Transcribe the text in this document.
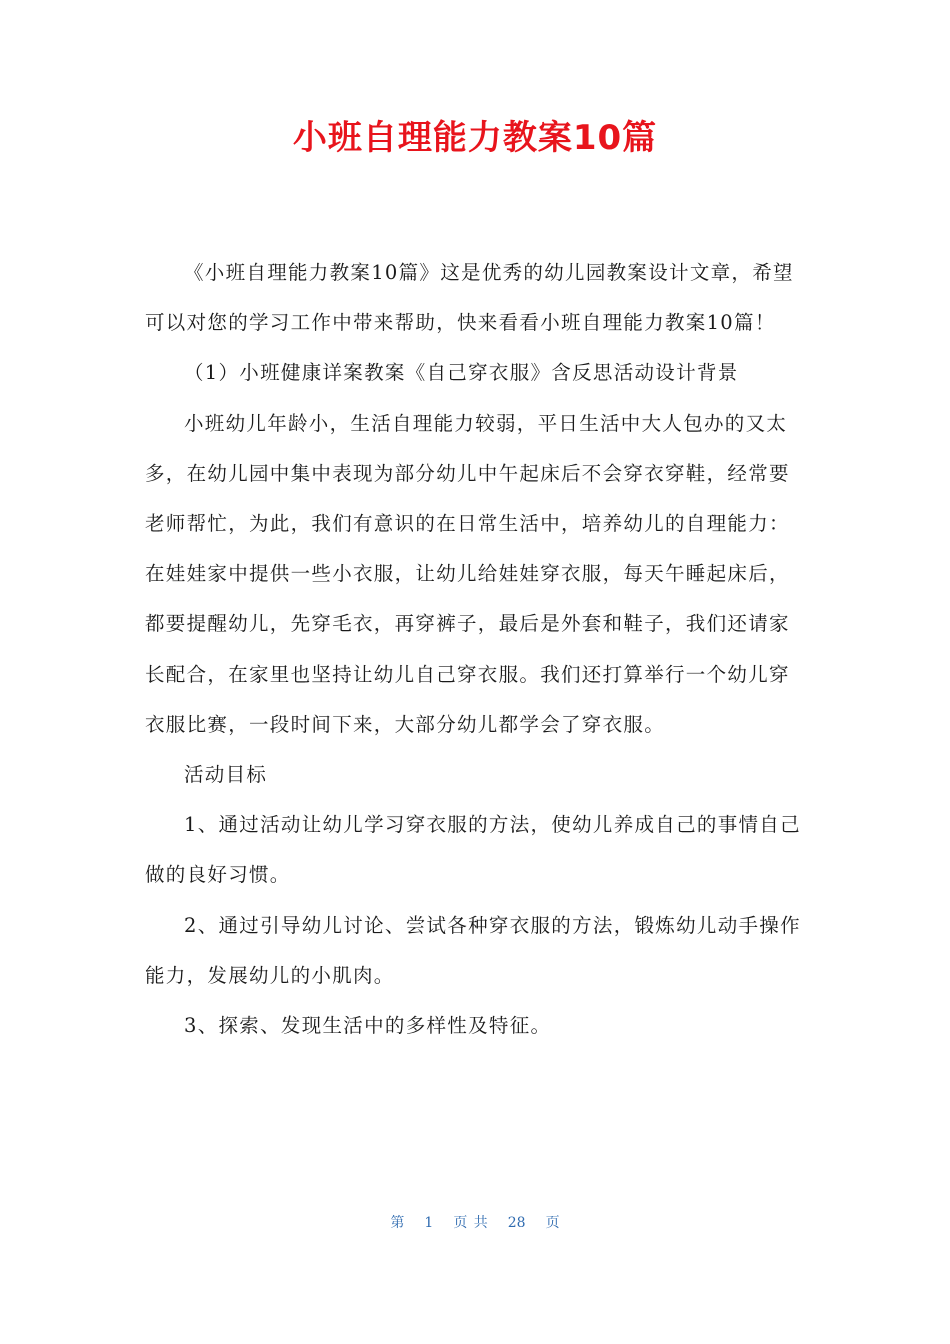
小班自理能力教案10篇

《小班自理能力教案10篇》这是优秀的幼儿园教案设计文章，希望可以对您的学习工作中带来帮助，快来看看小班自理能力教案10篇！

（1）小班健康详案教案《自己穿衣服》含反思活动设计背景

小班幼儿年龄小，生活自理能力较弱，平日生活中大人包办的又太多，在幼儿园中集中表现为部分幼儿中午起床后不会穿衣穿鞋，经常要老师帮忙，为此，我们有意识的在日常生活中，培养幼儿的自理能力：在娃娃家中提供一些小衣服，让幼儿给娃娃穿衣服，每天午睡起床后，都要提醒幼儿，先穿毛衣，再穿裤子，最后是外套和鞋子，我们还请家长配合，在家里也坚持让幼儿自己穿衣服。我们还打算举行一个幼儿穿衣服比赛，一段时间下来，大部分幼儿都学会了穿衣服。

活动目标

1、通过活动让幼儿学习穿衣服的方法，使幼儿养成自己的事情自己做的良好习惯。

2、通过引导幼儿讨论、尝试各种穿衣服的方法，锻炼幼儿动手操作能力，发展幼儿的小肌肉。

3、探索、发现生活中的多样性及特征。

第 1 页 共 28 页
